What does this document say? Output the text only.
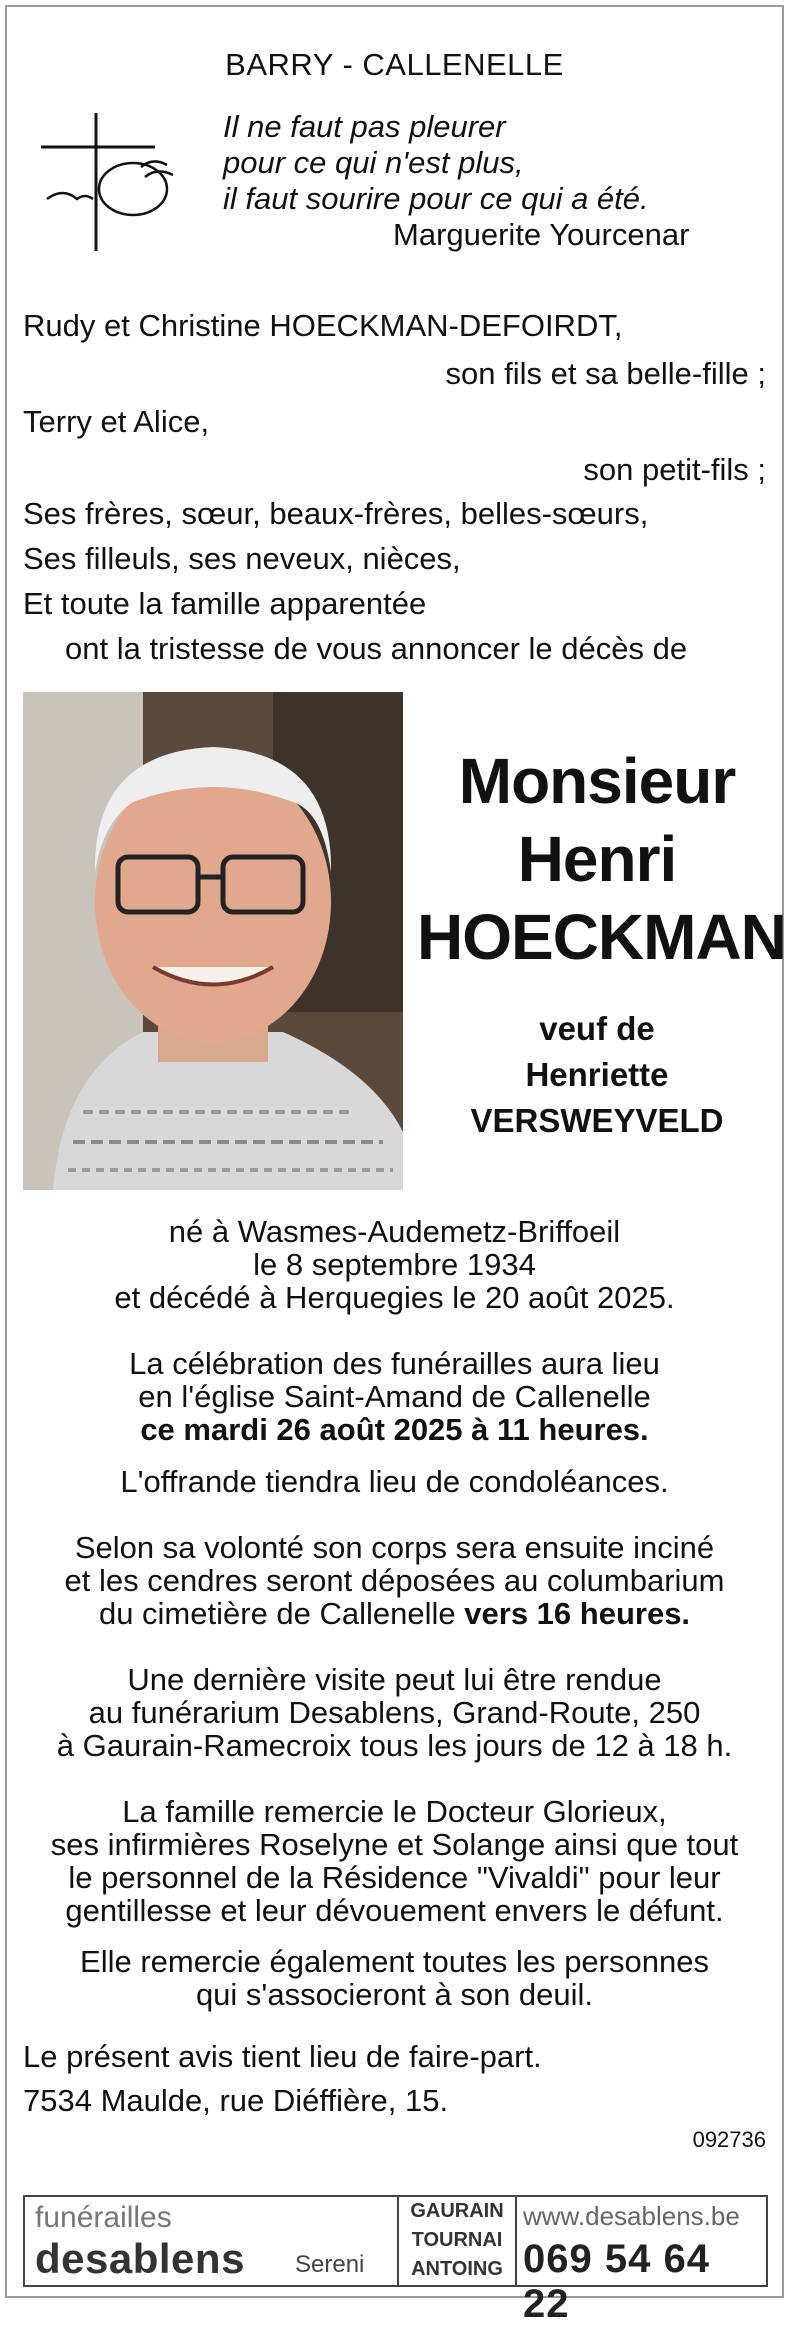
BARRY - CALLENELLE
Il ne faut pas pleurer
pour ce qui n'est plus,
il faut sourire pour ce qui a été.
Marguerite Yourcenar
Rudy et Christine HOECKMAN-DEFOIRDT,
son fils et sa belle-fille ;
Terry et Alice,
son petit-fils ;
Ses frères, sœur, beaux-frères, belles-sœurs,
Ses filleuls, ses neveux, nièces,
Et toute la famille apparentée
ont la tristesse de vous annoncer le décès de
Monsieur
Henri
HOECKMAN
veuf de
Henriette
VERSWEYVELD
né à Wasmes-Audemetz-Briffoeil
le 8 septembre 1934
et décédé à Herquegies le 20 août 2025.
La célébration des funérailles aura lieu
en l'église Saint-Amand de Callenelle
ce mardi 26 août 2025 à 11 heures.
L'offrande tiendra lieu de condoléances.
Selon sa volonté son corps sera ensuite inciné
et les cendres seront déposées au columbarium
du cimetière de Callenelle vers 16 heures.
Une dernière visite peut lui être rendue
au funérarium Desablens, Grand-Route, 250
à Gaurain-Ramecroix tous les jours de 12 à 18 h.
La famille remercie le Docteur Glorieux,
ses infirmières Roselyne et Solange ainsi que tout
le personnel de la Résidence "Vivaldi" pour leur
gentillesse et leur dévouement envers le défunt.
Elle remercie également toutes les personnes
qui s'associeront à son deuil.
Le présent avis tient lieu de faire-part.
7534 Maulde, rue Diéffière, 15.
092736
funérailles
desablens Sereni
GAURAIN
TOURNAI
ANTOING
www.desablens.be
069 54 64 22
